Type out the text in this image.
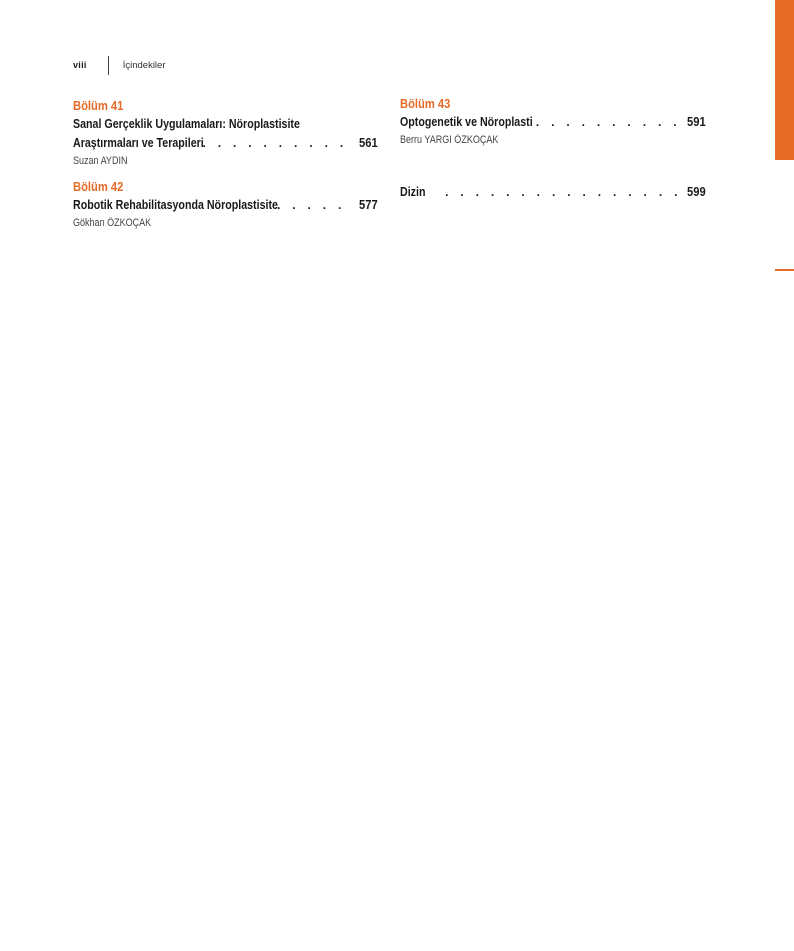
viii	İçindekiler
Bölüm 41
Sanal Gerçeklik Uygulamaları: Nöroplastisite
Araştırmaları ve Terapileri . . .	561
Suzan AYDIN
Bölüm 42
Robotik Rehabilitasyonda Nöroplastisite . . .	577
Gökhan ÖZKOÇAK
Bölüm 43
Optogenetik ve Nöroplasti . . .	591
Berru YARGI ÖZKOÇAK
Dizin . . .	599
